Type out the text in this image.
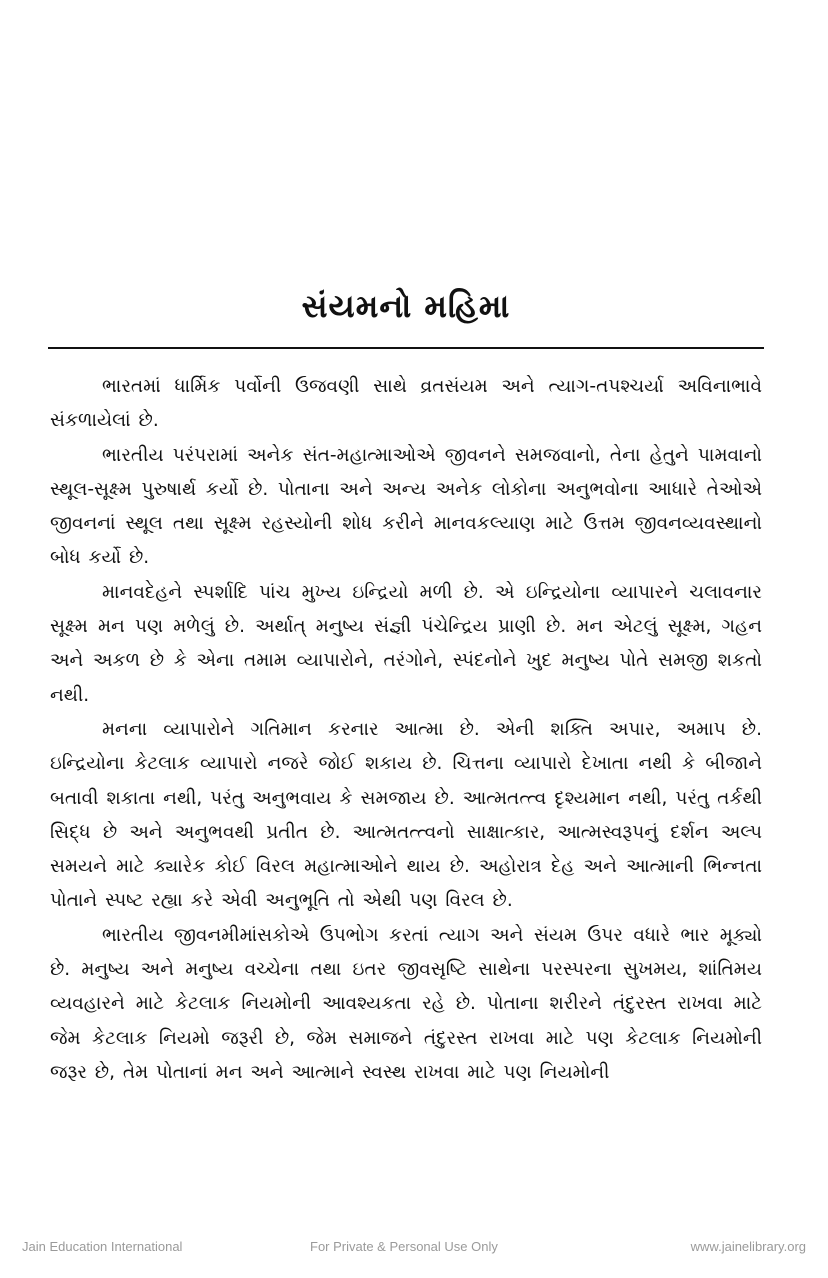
સંયમનો મહિમા

ભારતમાં ધાર્મિક પર્વોની ઉજવણી સાથે વ્રતસંયમ અને ત્યાગ-તપશ્ચર્યા અવિનાભાવે સંકળાયેલાં છે.

ભારતીય પરંપરામાં અનેક સંત-મહાત્માઓએ જીવનને સમજવાનો, તેના હેતુને પામવાનો સ્થૂલ-સૂક્ષ્મ પુરુષાર્થ કર્યો છે. પોતાના અને અન્ય અનેક લોકોના અનુભવોના આધારે તેઓએ જીવનનાં સ્થૂલ તથા સૂક્ષ્મ રહસ્યોની શોધ કરીને માનવકલ્યાણ માટે ઉત્તમ જીવનવ્યવસ્થાનો બોધ કર્યો છે.

માનવદેહને સ્પર્શાદિ પાંચ મુખ્ય ઇન્દ્રિયો મળી છે. એ ઇન્દ્રિયોના વ્યાપારને ચલાવનાર સૂક્ષ્મ મન પણ મળેલું છે. અર્થાત્ મનુષ્ય સંજ્ઞી પંચેન્દ્રિય પ્રાણી છે. મન એટલું સૂક્ષ્મ, ગહન અને અકળ છે કે એના તમામ વ્યાપારોને, તરંગોને, સ્પંદનોને ખુદ મનુષ્ય પોતે સમજી શકતો નથી.

મનના વ્યાપારોને ગતિમાન કરનાર આત્મા છે. એની શક્તિ અપાર, અમાપ છે. ઇન્દ્રિયોના કેટલાક વ્યાપારો નજરે જોઈ શકાય છે. ચિત્તના વ્યાપારો દેખાતા નથી કે બીજાને બતાવી શકાતા નથી, પરંતુ અનુભવાય કે સમજાય છે. આત્મતત્ત્વ દૃશ્યમાન નથી, પરંતુ તર્કથી સિદ્ધ છે અને અનુભવથી પ્રતીત છે. આત્મતત્ત્વનો સાક્ષાત્કાર, આત્મસ્વરૂપનું દર્શન અલ્પ સમયને માટે ક્યારેક કોઈ વિરલ મહાત્માઓને થાય છે. અહોરાત્ર દેહ અને આત્માની ભિન્નતા પોતાને સ્પષ્ટ રહ્યા કરે એવી અનુભૂતિ તો એથી પણ વિરલ છે.

ભારતીય જીવનમીમાંસકોએ ઉપભોગ કરતાં ત્યાગ અને સંયમ ઉપર વધારે ભાર મૂક્યો છે. મનુષ્ય અને મનુષ્ય વચ્ચેના તથા ઇતર જીવસૃષ્ટિ સાથેના પરસ્પરના સુખમય, શાંતિમય વ્યવહારને માટે કેટલાક નિયમોની આવશ્યકતા રહે છે. પોતાના શરીરને તંદુરસ્ત રાખવા માટે જેમ કેટલાક નિયમો જરૂરી છે, જેમ સમાજને તંદુરસ્ત રાખવા માટે પણ કેટલાક નિયમોની જરૂર છે, તેમ પોતાનાં મન અને આત્માને સ્વસ્થ રાખવા માટે પણ નિયમોની

Jain Education International	For Private & Personal Use Only	www.jainelibrary.org
